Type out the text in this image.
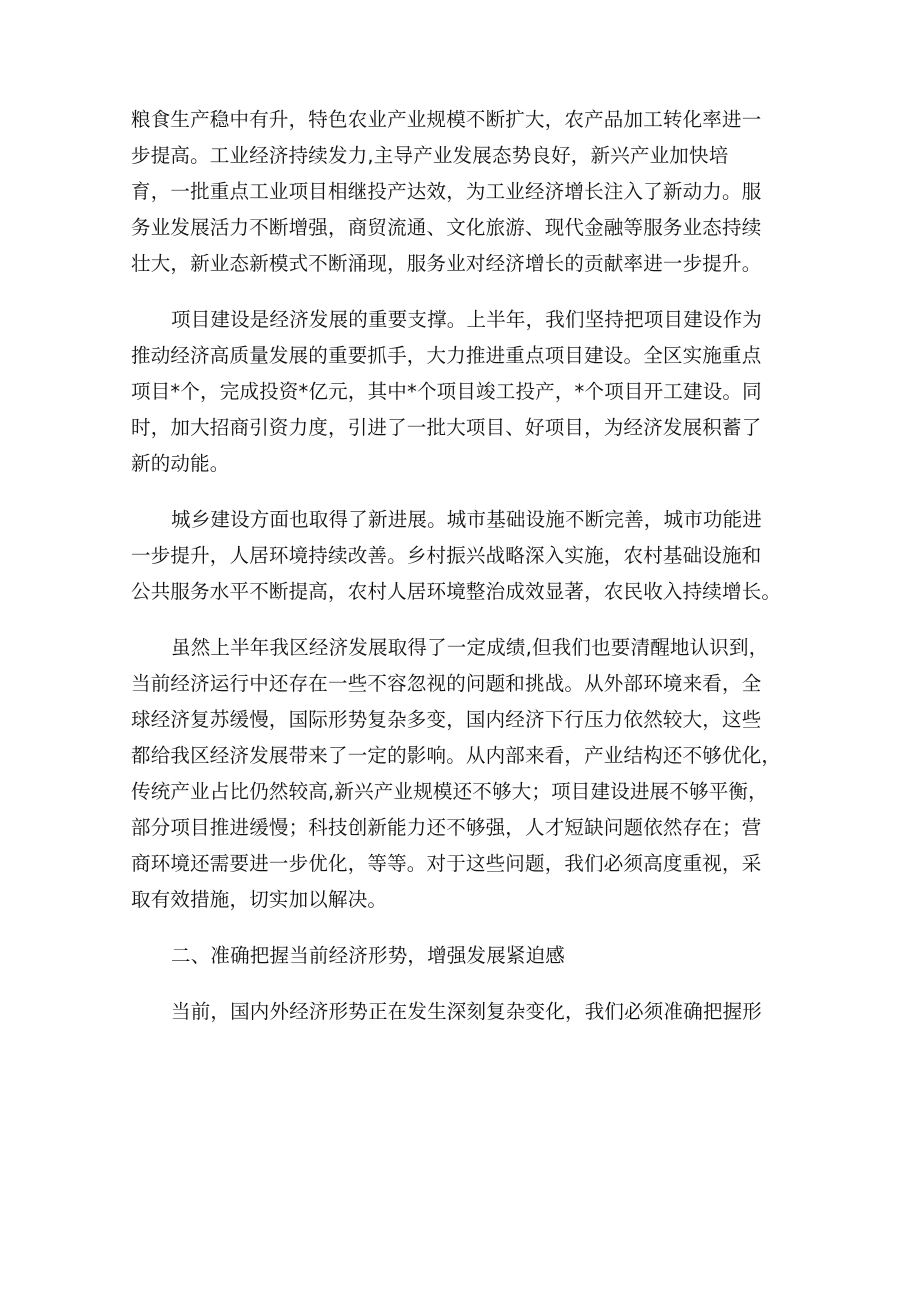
粮食生产稳中有升，特色农业产业规模不断扩大，农产品加工转化率进一
步提高。工业经济持续发力,主导产业发展态势良好，新兴产业加快培
育，一批重点工业项目相继投产达效，为工业经济增长注入了新动力。服
务业发展活力不断增强，商贸流通、文化旅游、现代金融等服务业态持续
壮大，新业态新模式不断涌现，服务业对经济增长的贡献率进一步提升。
项目建设是经济发展的重要支撑。上半年，我们坚持把项目建设作为
推动经济高质量发展的重要抓手，大力推进重点项目建设。全区实施重点
项目*个，完成投资*亿元，其中*个项目竣工投产，*个项目开工建设。同
时，加大招商引资力度，引进了一批大项目、好项目，为经济发展积蓄了
新的动能。
城乡建设方面也取得了新进展。城市基础设施不断完善，城市功能进
一步提升，人居环境持续改善。乡村振兴战略深入实施，农村基础设施和
公共服务水平不断提高，农村人居环境整治成效显著，农民收入持续增长。
虽然上半年我区经济发展取得了一定成绩,但我们也要清醒地认识到，
当前经济运行中还存在一些不容忽视的问题和挑战。从外部环境来看，全
球经济复苏缓慢，国际形势复杂多变，国内经济下行压力依然较大，这些
都给我区经济发展带来了一定的影响。从内部来看，产业结构还不够优化，
传统产业占比仍然较高,新兴产业规模还不够大；项目建设进展不够平衡，
部分项目推进缓慢；科技创新能力还不够强，人才短缺问题依然存在；营
商环境还需要进一步优化，等等。对于这些问题，我们必须高度重视，采
取有效措施，切实加以解决。
二、准确把握当前经济形势，增强发展紧迫感
当前，国内外经济形势正在发生深刻复杂变化，我们必须准确把握形
